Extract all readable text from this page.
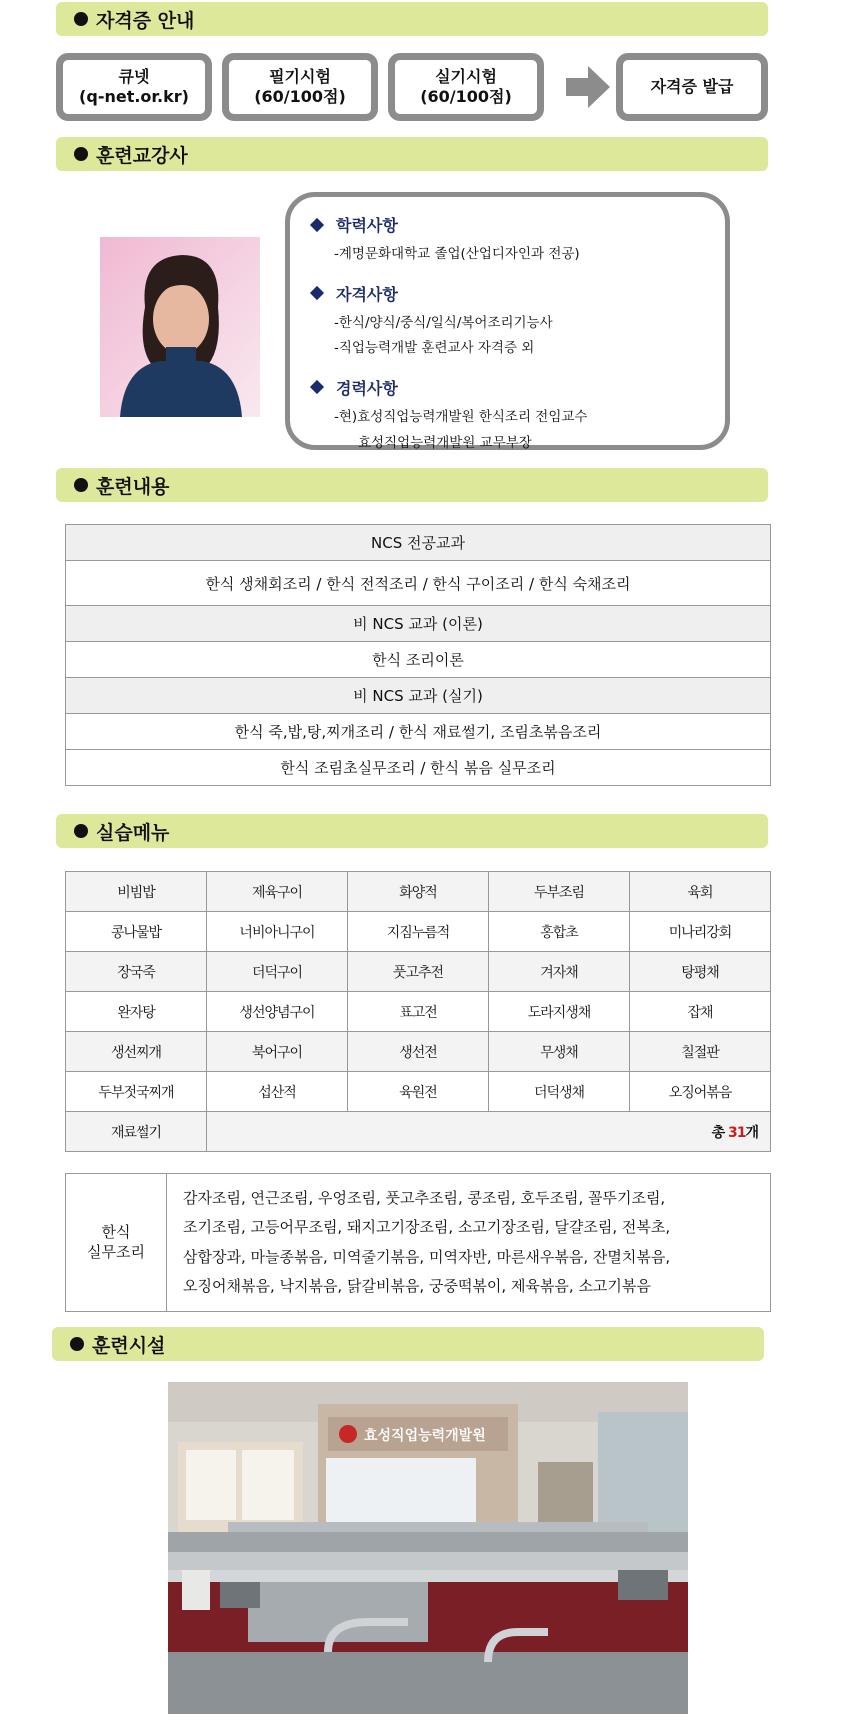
자격증 안내
큐넷
(q-net.or.kr)
필기시험
(60/100점)
실기시험
(60/100점)
자격증 발급
훈련교강사
학력사항
-계명문화대학교 졸업(산업디자인과 전공)
자격사항
-한식/양식/중식/일식/복어조리기능사
-직업능력개발 훈련교사 자격증 외
경력사항
-현)효성직업능력개발원 한식조리 전임교수
효성직업능력개발원 교무부장
훈련내용
NCS 전공교과
한식 생채회조리 / 한식 전적조리 / 한식 구이조리 / 한식 숙채조리
비 NCS 교과 (이론)
한식 조리이론
비 NCS 교과 (실기)
한식 죽,밥,탕,찌개조리 / 한식 재료썰기, 조림초볶음조리
한식 조림초실무조리 / 한식 볶음 실무조리
실습메뉴
비빔밥	제육구이	화양적	두부조림	육회
콩나물밥	너비아니구이	지짐누름적	홍합초	미나리강회
장국죽	더덕구이	풋고추전	겨자채	탕평채
완자탕	생선양념구이	표고전	도라지생채	잡채
생선찌개	북어구이	생선전	무생채	칠절판
두부젓국찌개	섭산적	육원전	더덕생채	오징어볶음
재료썰기	총 31개			
한식
실무조리

감자조림, 연근조림, 우엉조림, 풋고추조림, 콩조림, 호두조림, 꼴뚜기조림,
조기조림, 고등어무조림, 돼지고기장조림, 소고기장조림, 달걀조림, 전복초,
삼합장과, 마늘종볶음, 미역줄기볶음, 미역자반, 마른새우볶음, 잔멸치볶음,
오징어채볶음, 낙지볶음, 닭갈비볶음, 궁중떡볶이, 제육볶음, 소고기볶음
훈련시설
효성직업능력개발원
